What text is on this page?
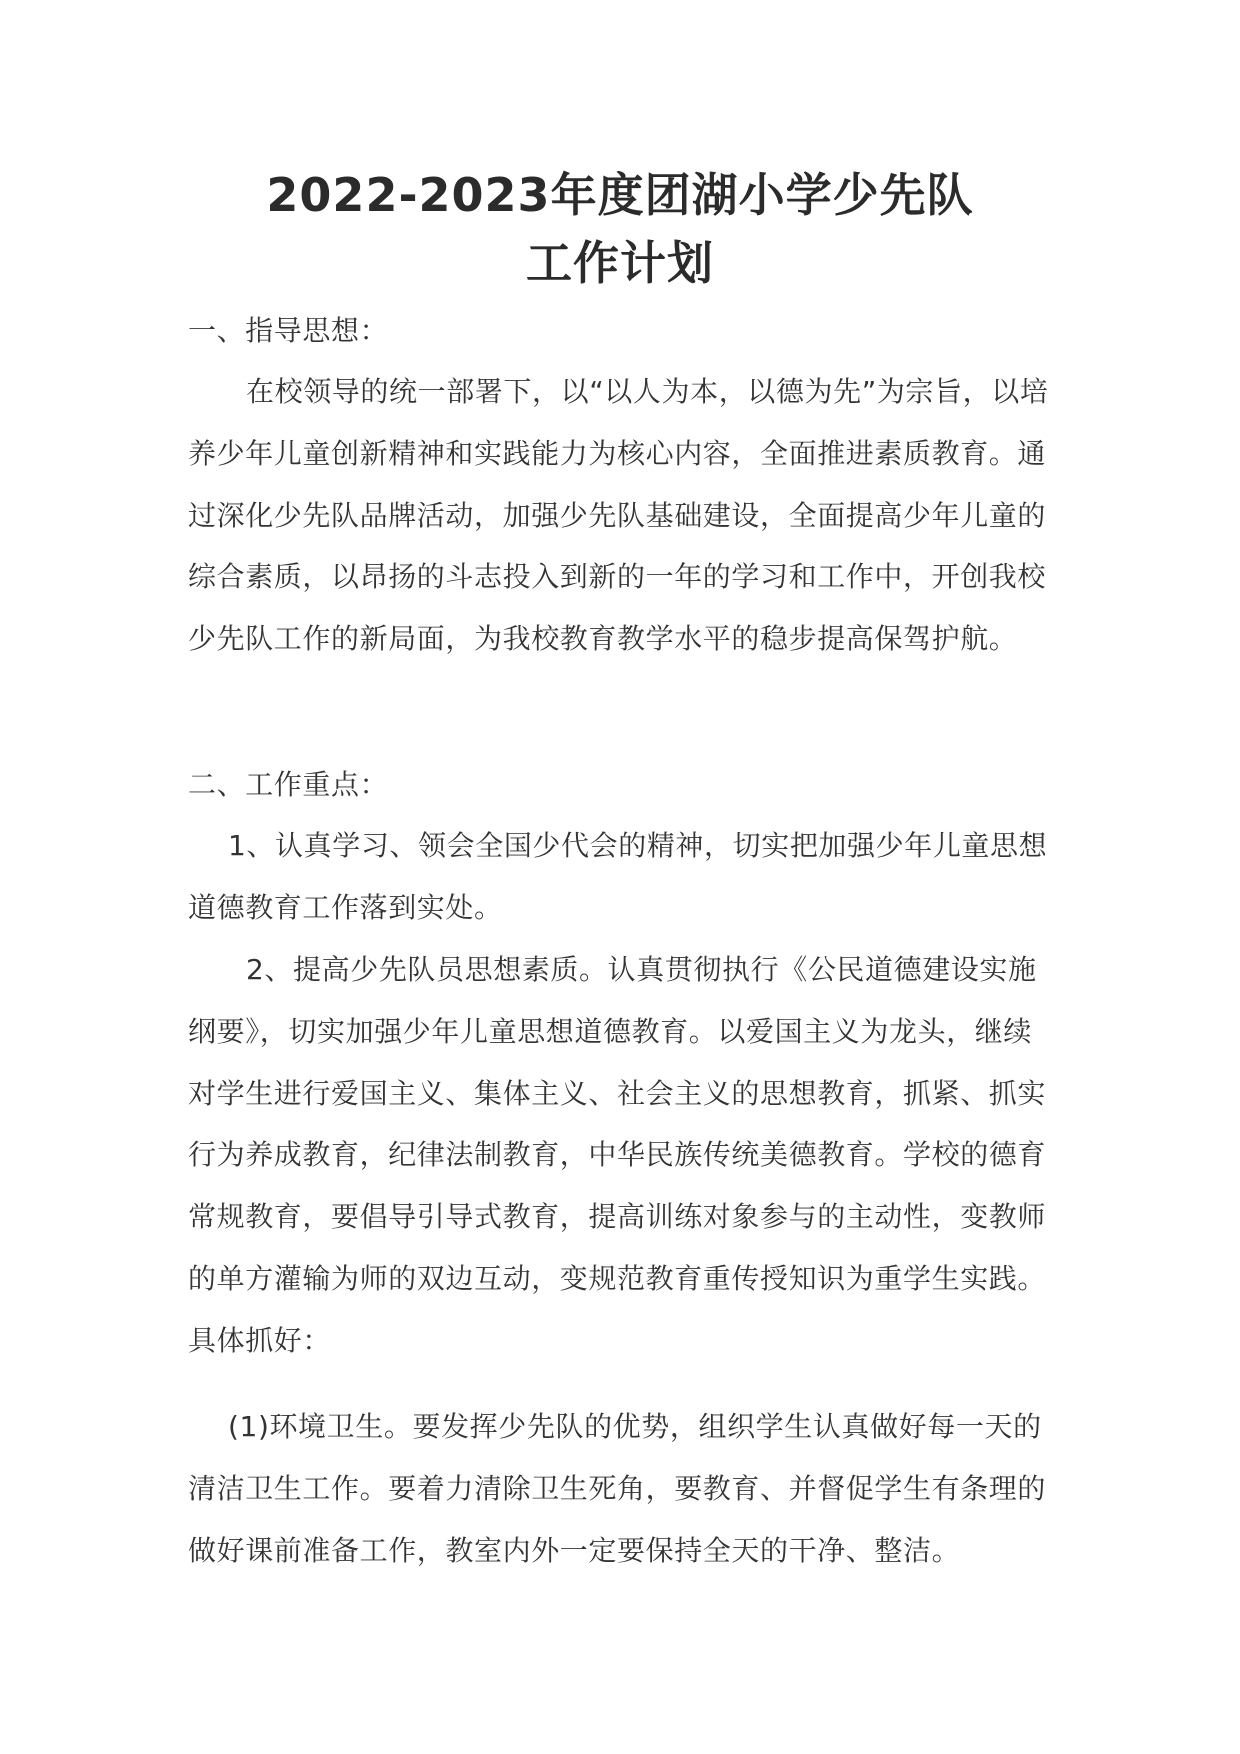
2022-2023年度团湖小学少先队
工作计划

一、指导思想：

在校领导的统一部署下，以“以人为本，以德为先”为宗旨，以培养少年儿童创新精神和实践能力为核心内容，全面推进素质教育。通过深化少先队品牌活动，加强少先队基础建设，全面提高少年儿童的综合素质，以昂扬的斗志投入到新的一年的学习和工作中，开创我校少先队工作的新局面，为我校教育教学水平的稳步提高保驾护航。

二、工作重点：

1、认真学习、领会全国少代会的精神，切实把加强少年儿童思想道德教育工作落到实处。

2、提高少先队员思想素质。认真贯彻执行《公民道德建设实施纲要》，切实加强少年儿童思想道德教育。以爱国主义为龙头，继续对学生进行爱国主义、集体主义、社会主义的思想教育，抓紧、抓实行为养成教育，纪律法制教育，中华民族传统美德教育。学校的德育常规教育，要倡导引导式教育，提高训练对象参与的主动性，变教师的单方灌输为师的双边互动，变规范教育重传授知识为重学生实践。具体抓好：

(1)环境卫生。要发挥少先队的优势，组织学生认真做好每一天的清洁卫生工作。要着力清除卫生死角，要教育、并督促学生有条理的做好课前准备工作，教室内外一定要保持全天的干净、整洁。
